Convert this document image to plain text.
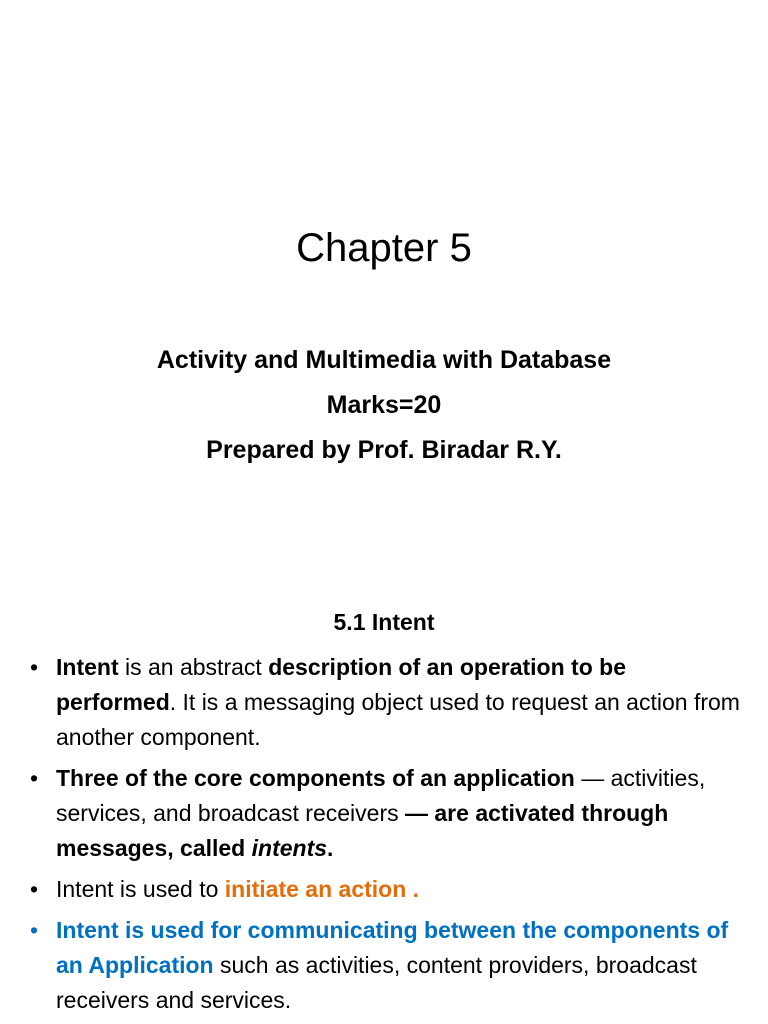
Chapter 5
Activity and Multimedia with Database
Marks=20
Prepared by Prof. Biradar R.Y.
5.1 Intent
• Intent is an abstract description of an operation to be performed. It is a messaging object used to request an action from another component.
• Three of the core components of an application — activities, services, and broadcast receivers — are activated through messages, called intents.
• Intent is used to initiate an action .
• Intent is used for communicating between the components of an Application such as activities, content providers, broadcast receivers and services.
